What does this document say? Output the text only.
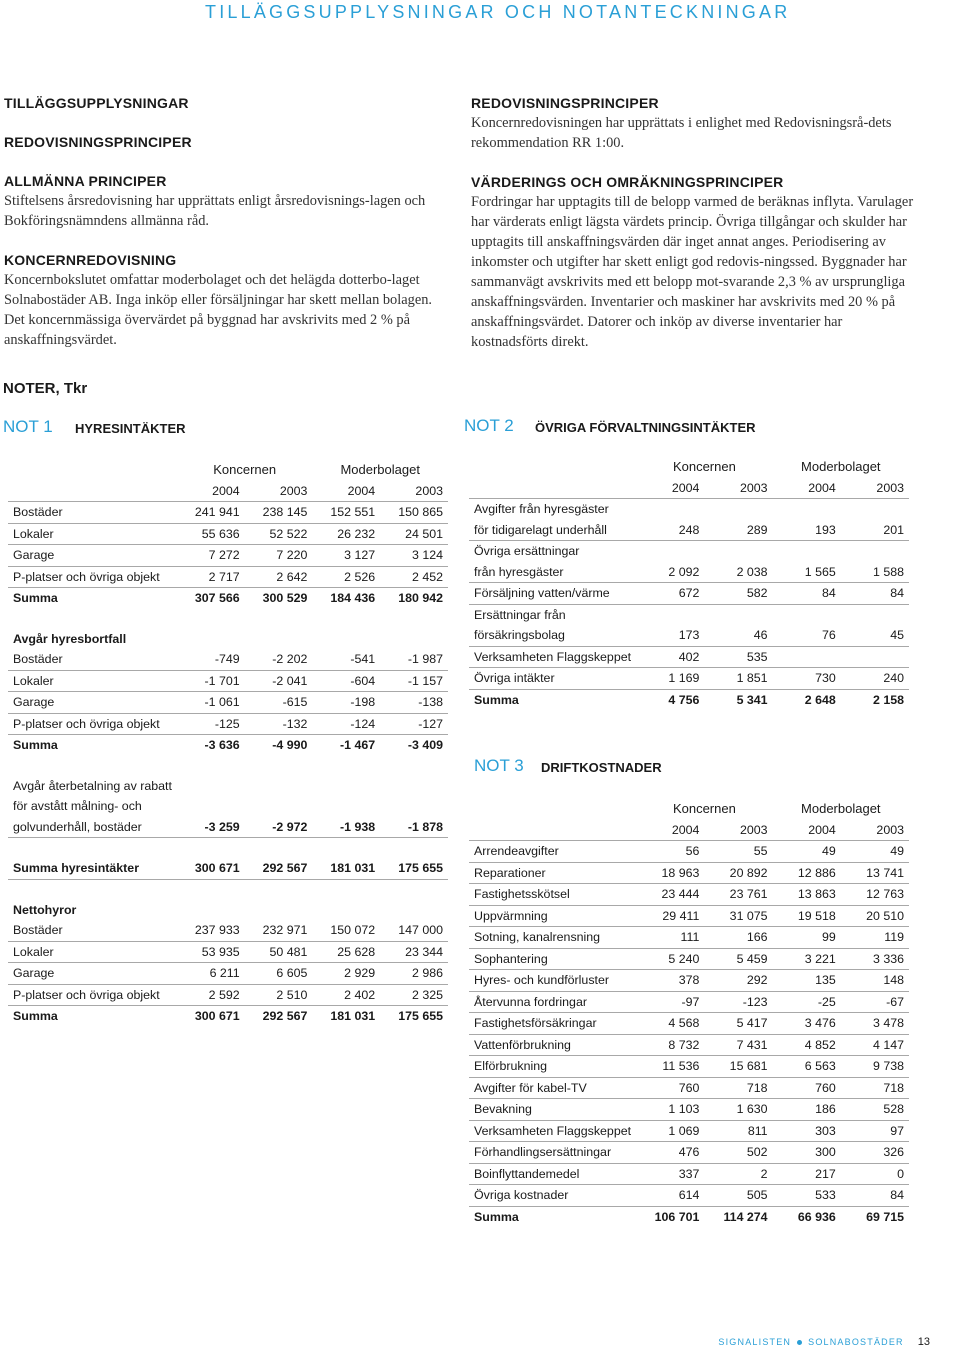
TILLÄGGSUPPLYSNINGAR OCH NOTANTECKNINGAR

TILLÄGGSUPPLYSNINGAR

REDOVISNINGSPRINCIPER

ALLMÄNNA PRINCIPER

Stiftelsens årsredovisning har upprättats enligt årsredovisnings-lagen och Bokföringsnämndens allmänna råd.

KONCERNREDOVISNING

Koncernbokslutet omfattar moderbolaget och det helägda dotterbo-laget Solnabostäder AB. Inga inköp eller försäljningar har skett mellan bolagen. Det koncernmässiga övervärdet på byggnad har avskrivits med 2 % på anskaffningsvärdet.

REDOVISNINGSPRINCIPER

Koncernredovisningen har upprättats i enlighet med Redovisningsrå-dets rekommendation RR 1:00.

VÄRDERINGS OCH OMRÄKNINGSPRINCIPER

Fordringar har upptagits till de belopp varmed de beräknas inflyta. Varulager har värderats enligt lägsta värdets princip. Övriga tillgångar och skulder har upptagits till anskaffningsvärden där inget annat anges. Periodisering av inkomster och utgifter har skett enligt god redovis-ningssed. Byggnader har sammanvägt avskrivits med ett belopp mot-svarande 2,3 % av ursprungliga anskaffningsvärden. Inventarier och maskiner har avskrivits med 20 % på anskaffningsvärdet. Datorer och inköp av diverse inventarier har kostnadsförts direkt.

NOTER, Tkr
NOT 1 HYRESINTÄKTER	NOT 2 ÖVRIGA FÖRVALTNINGSINTÄKTER
NOT 3 DRIFTKOSTNADER
	Koncernen		Moderbolaget	
	2004	2003	2004	2003
Bostäder	241 941	238 145	152 551	150 865
Lokaler	55 636	52 522	26 232	24 501
Garage	7 272	7 220	3 127	3 124
P-platser och övriga objekt	2 717	2 642	2 526	2 452
Summa	307 566	300 529	184 436	180 942

Avgår hyresbortfall				
Bostäder	-749	-2 202	-541	-1 987
Lokaler	-1 701	-2 041	-604	-1 157
Garage	-1 061	-615	-198	-138
P-platser och övriga objekt	-125	-132	-124	-127
Summa	-3 636	-4 990	-1 467	-3 409

Avgår återbetalning av rabatt				
för avstått målning- och				
golvunderhåll, bostäder	-3 259	-2 972	-1 938	-1 878

Summa hyresintäkter	300 671	292 567	181 031	175 655

Nettohyror				
Bostäder	237 933	232 971	150 072	147 000
Lokaler	53 935	50 481	25 628	23 344
Garage	6 211	6 605	2 929	2 986
P-platser och övriga objekt	2 592	2 510	2 402	2 325
Summa	300 671	292 567	181 031	175 655
	Koncernen		Moderbolaget	
	2004	2003	2004	2003
Avgifter från hyresgäster				
för tidigarelagt underhåll	248	289	193	201
Övriga ersättningar				
från hyresgäster	2 092	2 038	1 565	1 588
Försäljning vatten/värme	672	582	84	84
Ersättningar från				
försäkringsbolag	173	46	76	45
Verksamheten Flaggskeppet	402	535		
Övriga intäkter	1 169	1 851	730	240
Summa	4 756	5 341	2 648	2 158
	Koncernen		Moderbolaget	
	2004	2003	2004	2003
Arrendeavgifter	56	55	49	49
Reparationer	18 963	20 892	12 886	13 741
Fastighetsskötsel	23 444	23 761	13 863	12 763
Uppvärmning	29 411	31 075	19 518	20 510
Sotning, kanalrensning	111	166	99	119
Sophantering	5 240	5 459	3 221	3 336
Hyres- och kundförluster	378	292	135	148
Återvunna fordringar	-97	-123	-25	-67
Fastighetsförsäkringar	4 568	5 417	3 476	3 478
Vattenförbrukning	8 732	7 431	4 852	4 147
Elförbrukning	11 536	15 681	6 563	9 738
Avgifter för kabel-TV	760	718	760	718
Bevakning	1 103	1 630	186	528
Verksamheten Flaggskeppet	1 069	811	303	97
Förhandlingsersättningar	476	502	300	326
Boinflyttandemedel	337	2	217	0
Övriga kostnader	614	505	533	84
Summa	106 701	114 274	66 936	69 715
SIGNALISTEN SOLNABOSTÄDER 13
